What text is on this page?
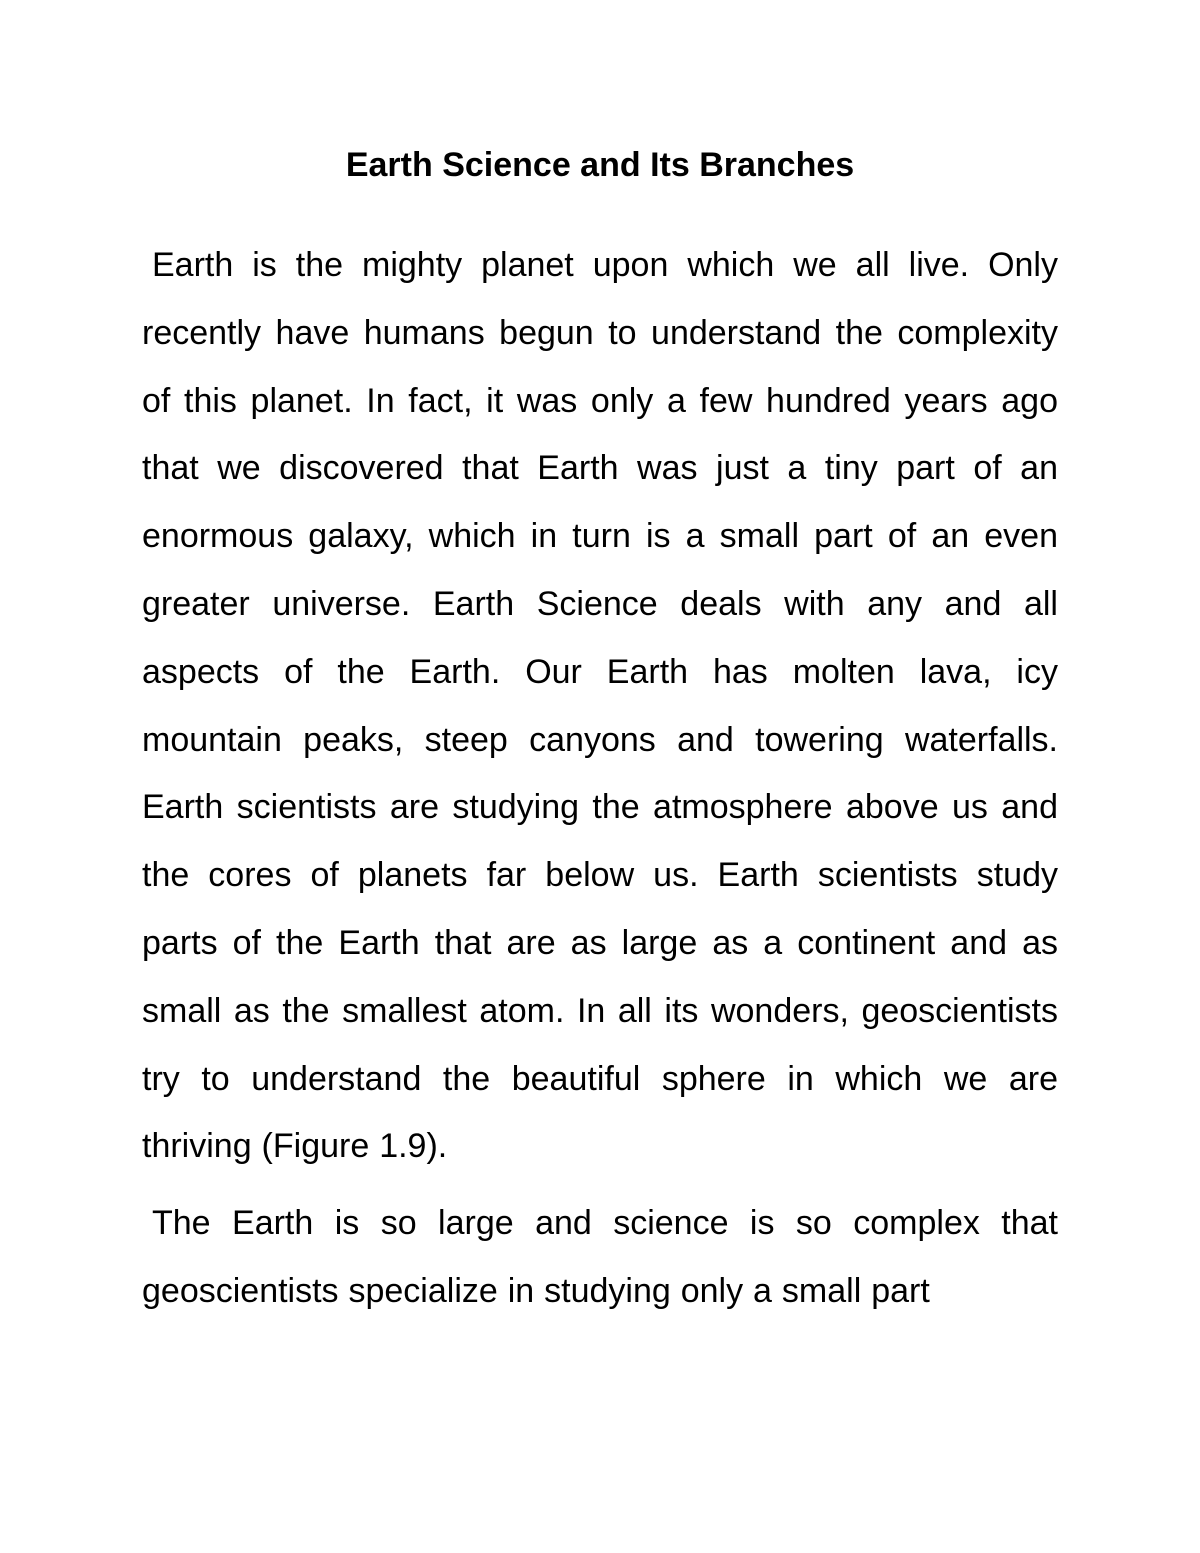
Earth Science and Its Branches

Earth is the mighty planet upon which we all live. Only recently have humans begun to understand the complexity of this planet. In fact, it was only a few hundred years ago that we discovered that Earth was just a tiny part of an enormous galaxy, which in turn is a small part of an even greater universe. Earth Science deals with any and all aspects of the Earth. Our Earth has molten lava, icy mountain peaks, steep canyons and towering waterfalls. Earth scientists are studying the atmosphere above us and the cores of planets far below us. Earth scientists study parts of the Earth that are as large as a continent and as small as the smallest atom. In all its wonders, geoscientists try to understand the beautiful sphere in which we are thriving (Figure 1.9).

The Earth is so large and science is so complex that geoscientists specialize in studying only a small part
